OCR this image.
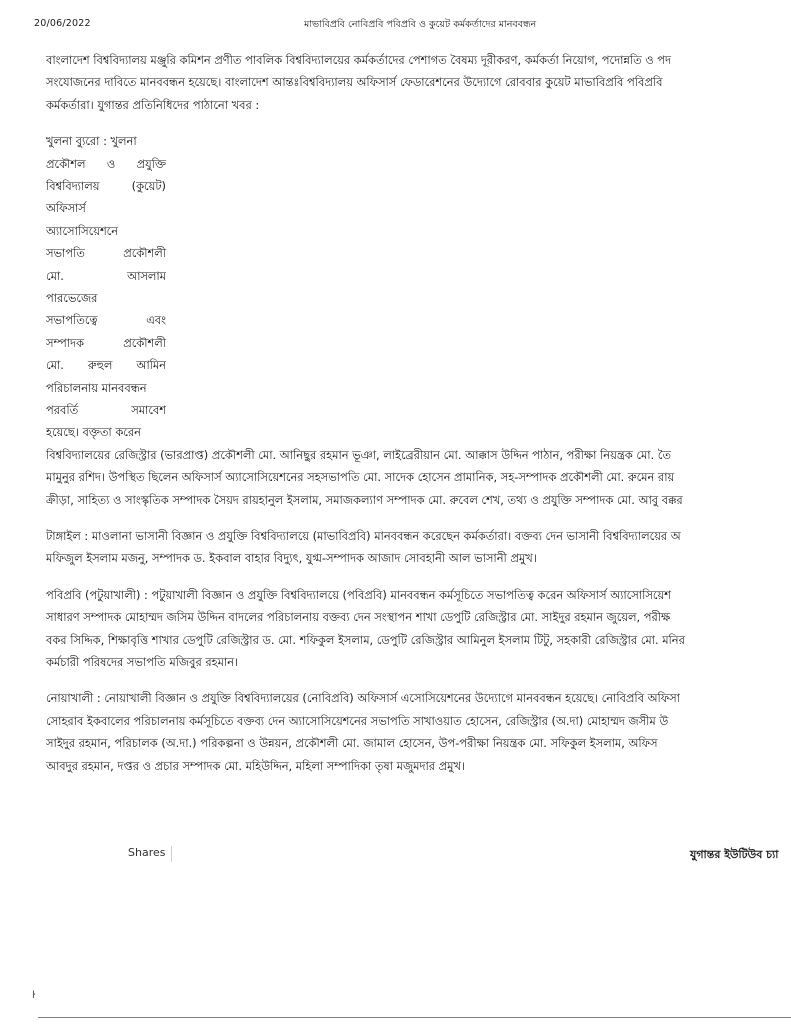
20/06/2022	মাভাবিপ্রবি নোবিপ্রবি পবিপ্রবি ও কুয়েট কর্মকর্তাদের মানববন্ধন
বাংলাদেশ বিশ্ববিদ্যালয় মঞ্জুরি কমিশন প্রণীত পাবলিক বিশ্ববিদ্যালয়ের কর্মকর্তাদের পেশাগত বৈষম্য দূরীকরণ, কর্মকর্তা নিয়োগ, পদোন্নতি ও পদ
সংযোজনের দাবিতে মানববন্ধন হয়েছে। বাংলাদেশ আন্তঃবিশ্ববিদ্যালয় অফিসার্স ফেডারেশনের উদ্যোগে রোববার কুয়েট মাভাবিপ্রবি পবিপ্রবি
কর্মকর্তারা। যুগান্তর প্রতিনিধিদের পাঠানো খবর :
খুলনা ব্যুরো : খুলনা
প্রকৌশল ও প্রযুক্তি
বিশ্ববিদ্যালয়	(কুয়েট)
অফিসার্স
অ্যাসোসিয়েশনে
সভাপতি	প্রকৌশলী
মো.	আসলাম
পারভেজের
সভাপতিত্বে	এবং
সম্পাদক	প্রকৌশলী
মো. রুহুল আমিন
পরিচালনায় মানববন্ধন
পরবর্তি	সমাবেশ
হয়েছে। বক্তৃতা করেন
বিশ্ববিদ্যালয়ের রেজিস্ট্রার (ভারপ্রাপ্ত) প্রকৌশলী মো. আনিছুর রহমান ভূঞা, লাইব্রেরীয়ান মো. আক্কাস উদ্দিন পাঠান, পরীক্ষা নিয়ন্ত্রক মো. তৈ
মামুনুর রশিদ। উপস্থিত ছিলেন অফিসার্স অ্যাসোসিয়েশনের সহসভাপতি মো. সাদেক হোসেন প্রামানিক, সহ-সম্পাদক প্রকৌশলী মো. রুমেন রায়
ক্রীড়া, সাহিত্য ও সাংস্কৃতিক সম্পাদক সৈয়দ রায়হানুল ইসলাম, সমাজকল্যাণ সম্পাদক মো. রুবেল শেখ, তথ্য ও প্রযুক্তি সম্পাদক মো. আবু বক্কর

টাঙ্গাইল : মাওলানা ভাসানী বিজ্ঞান ও প্রযুক্তি বিশ্ববিদ্যালয়ে (মাভাবিপ্রবি) মানববন্ধন করেছেন কর্মকর্তারা। বক্তব্য দেন ভাসানী বিশ্ববিদ্যালয়ের অ
মফিজুল ইসলাম মজনু, সম্পাদক ড. ইকবাল বাহার বিদ্যুৎ, যুগ্ম-সম্পাদক আজাদ সোবহানী আল ভাসানী প্রমুখ।

পবিপ্রবি (পটুয়াখালী) : পটুয়াখালী বিজ্ঞান ও প্রযুক্তি বিশ্ববিদ্যালয়ে (পবিপ্রবি) মানববন্ধন কর্মসূচিতে সভাপতিত্ব করেন অফিসার্স অ্যাসোসিয়েশ
সাধারণ সম্পাদক মোহাম্মদ জসিম উদ্দিন বাদলের পরিচালনায় বক্তব্য দেন সংস্থাপন শাখা ডেপুটি রেজিস্ট্রার মো. সাইদুর রহমান জুয়েল, পরীক্ষ
বকর সিদ্দিক, শিক্ষাবৃত্তি শাখার ডেপুটি রেজিস্ট্রার ড. মো. শফিকুল ইসলাম, ডেপুটি রেজিস্ট্রার আমিনুল ইসলাম টিটু, সহকারী রেজিস্ট্রার মো. মনির
কর্মচারী পরিষদের সভাপতি মজিবুর রহমান।

নোয়াখালী : নোয়াখালী বিজ্ঞান ও প্রযুক্তি বিশ্ববিদ্যালয়ের (নোবিপ্রবি) অফিসার্স এসোসিয়েশনের উদ্যোগে মানববন্ধন হয়েছে। নোবিপ্রবি অফিসা
সোহরাব ইকবালের পরিচালনায় কর্মসূচিতে বক্তব্য দেন অ্যাসোসিয়েশনের সভাপতি সাখাওয়াত হোসেন, রেজিস্ট্রার (অ.দা) মোহাম্মদ জসীম উ
সাইদুর রহমান, পরিচালক (অ.দা.) পরিকল্পনা ও উন্নয়ন, প্রকৌশলী মো. জামাল হোসেন, উপ-পরীক্ষা নিয়ন্ত্রক মো. সফিকুল ইসলাম, অফিস
আবদুর রহমান, দপ্তর ও প্রচার সম্পাদক মো. মহিউদ্দিন, মহিলা সম্পাদিকা তৃষা মজুমদার প্রমুখ।

Shares	যুগান্তর ইউটিউব চ্যা
ŀ
